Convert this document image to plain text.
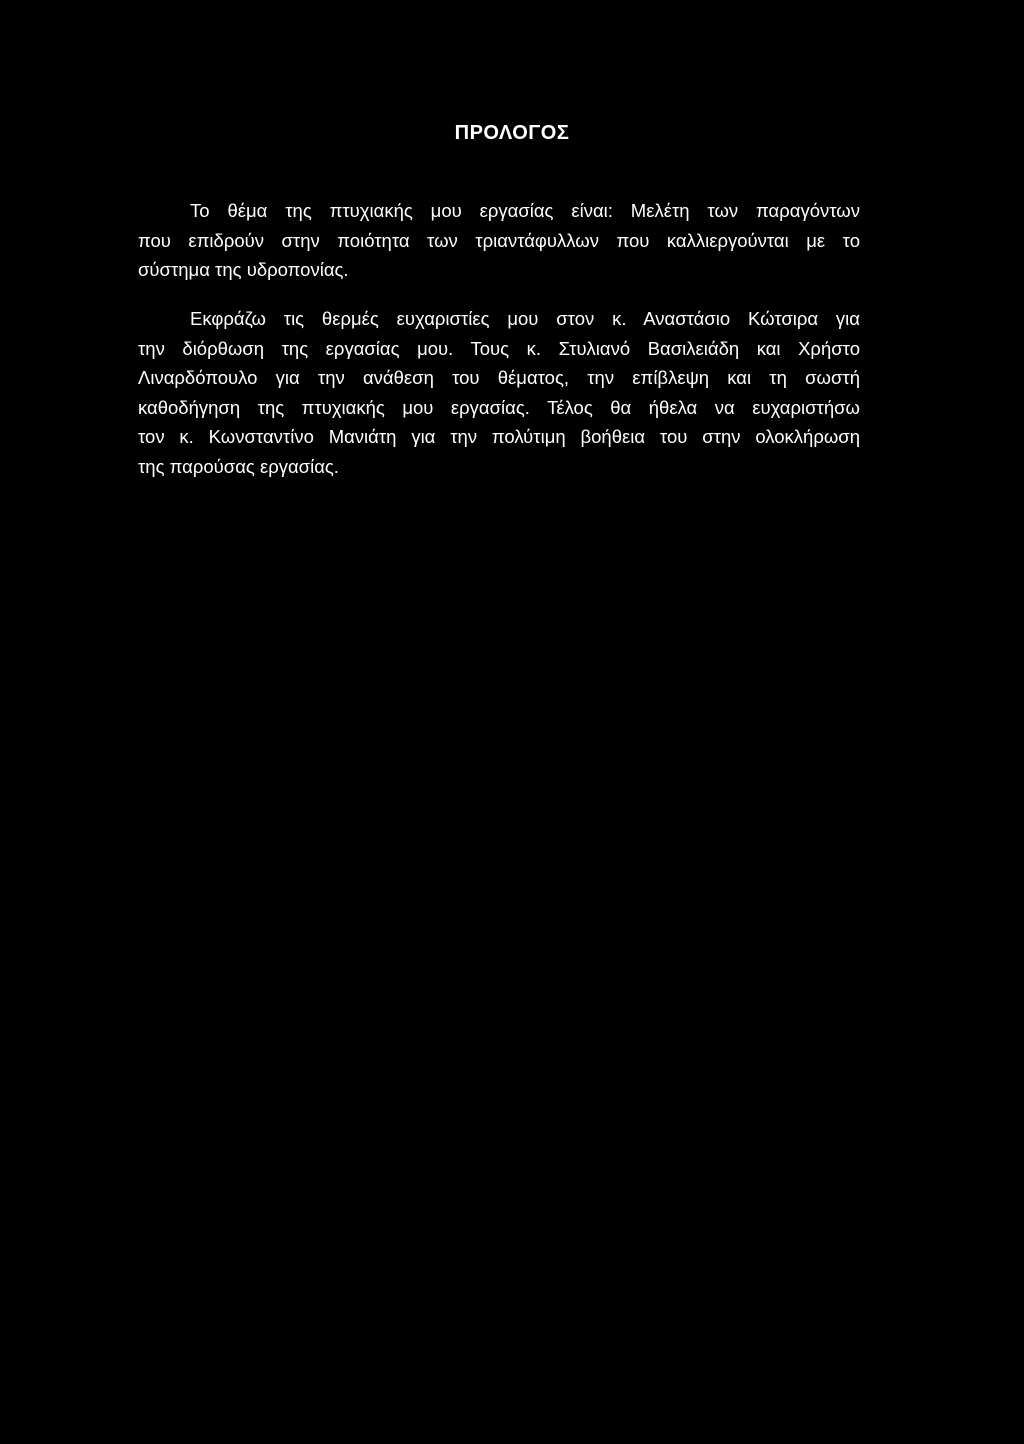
ΠΡΟΛΟΓΟΣ
Το θέμα της πτυχιακής μου εργασίας είναι: Μελέτη των παραγόντων
που επιδρούν στην ποιότητα των τριαντάφυλλων που καλλιεργούνται με το
σύστημα της υδροπονίας.
Εκφράζω τις θερμές ευχαριστίες μου στον κ. Αναστάσιο Κώτσιρα για
την διόρθωση της εργασίας μου. Τους κ. Στυλιανό Βασιλειάδη και Χρήστο
Λιναρδόπουλο για την ανάθεση του θέματος, την επίβλεψη και τη σωστή
καθοδήγηση της πτυχιακής μου εργασίας. Τέλος θα ήθελα να ευχαριστήσω
τον κ. Κωνσταντίνο Μανιάτη για την πολύτιμη βοήθεια του στην ολοκλήρωση
της παρούσας εργασίας.
